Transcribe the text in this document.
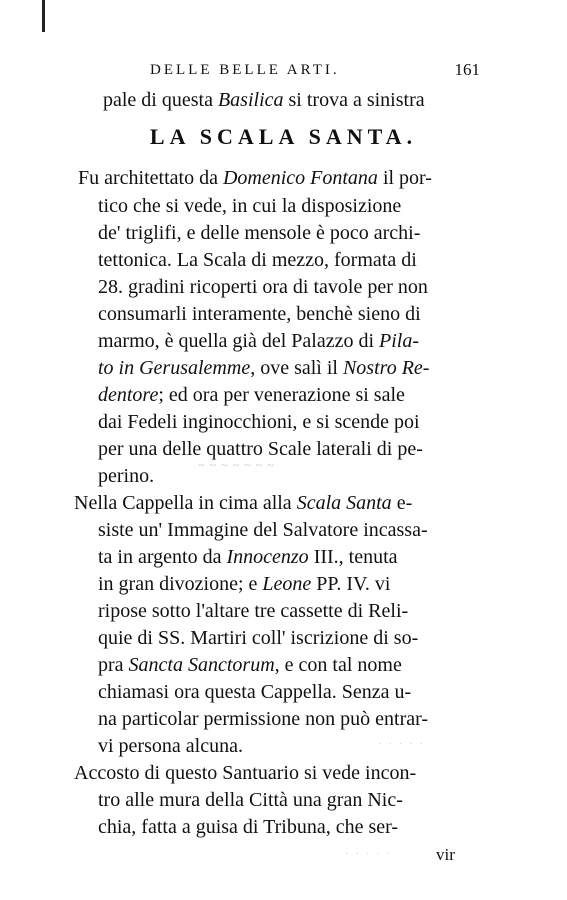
DELLE BELLE ARTI.	161
pale di questa Basilica si trova a sinistra
LA SCALA SANTA.
Fu architettato da Domenico Fontana il por-
tico che si vede, in cui la disposizione
de' triglifi, e delle mensole è poco archi-
tettonica. La Scala di mezzo, formata di
28. gradini ricoperti ora di tavole per non
consumarli interamente, benchè sieno di
marmo, è quella già del Palazzo di Pila-
to in Gerusalemme, ove salì il Nostro Re-
dentore; ed ora per venerazione si sale
dai Fedeli inginocchioni, e si scende poi
per una delle quattro Scale laterali di pe-
perino.
Nella Cappella in cima alla Scala Santa e-
siste un' Immagine del Salvatore incassa-
ta in argento da Innocenzo III., tenuta
in gran divozione; e Leone PP. IV. vi
ripose sotto l'altare tre cassette di Reli-
quie di SS. Martiri coll' iscrizione di so-
pra Sancta Sanctorum, e con tal nome
chiamasi ora questa Cappella. Senza u-
na particolar permissione non può entrar-
vi persona alcuna.
Accosto di questo Santuario si vede incon-
tro alle mura della Città una gran Nic-
chia, fatta a guisa di Tribuna, che ser-
~ ~ ~ ~ ~ ~ ~
· · · · ·
· · · · ·	vir
